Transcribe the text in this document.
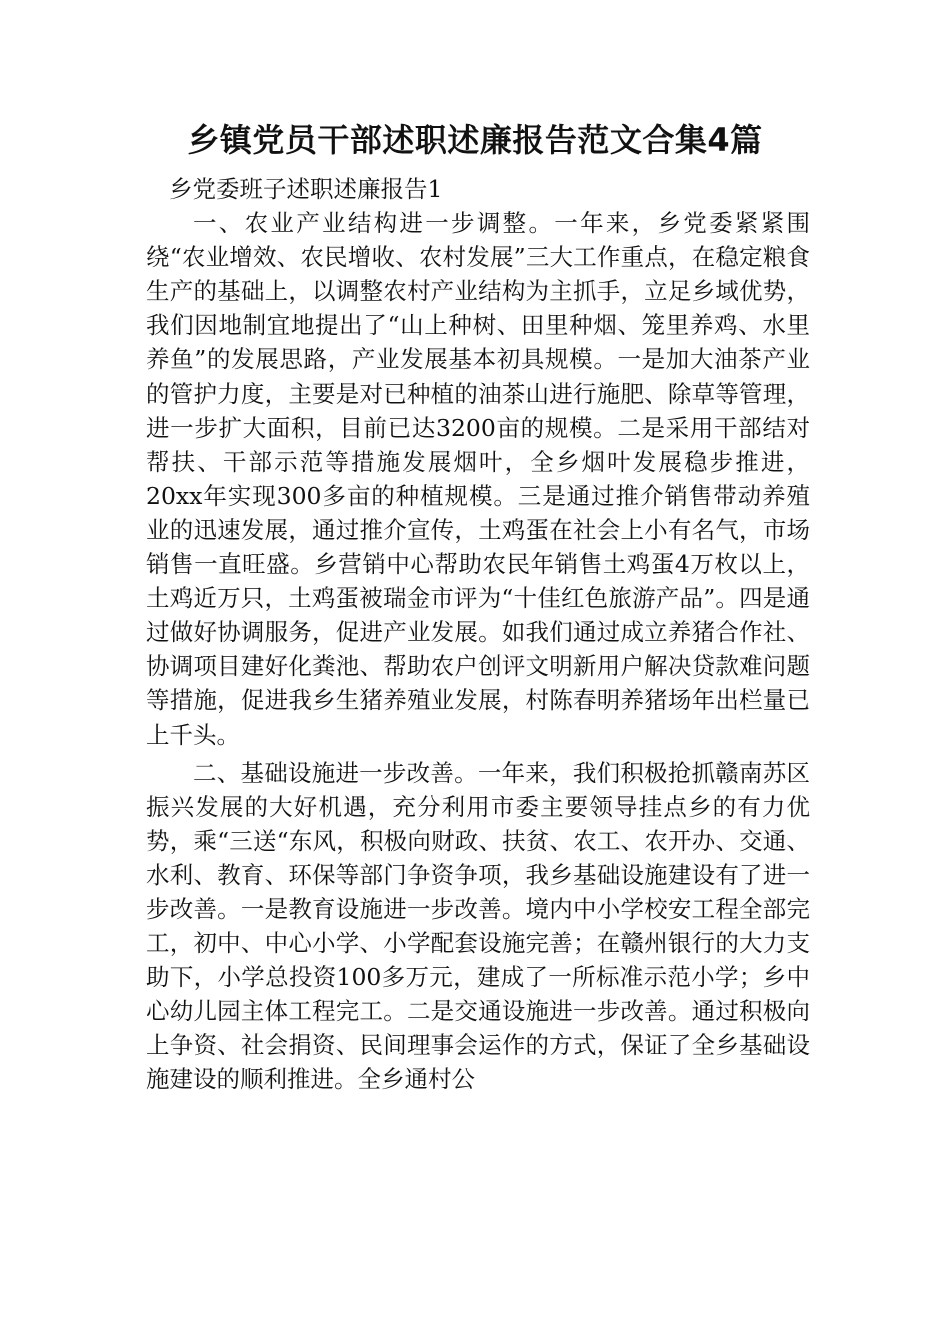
乡镇党员干部述职述廉报告范文合集4篇

乡党委班子述职述廉报告1

一、农业产业结构进一步调整。一年来，乡党委紧紧围绕“农业增效、农民增收、农村发展”三大工作重点，在稳定粮食生产的基础上，以调整农村产业结构为主抓手，立足乡域优势，我们因地制宜地提出了“山上种树、田里种烟、笼里养鸡、水里养鱼”的发展思路，产业发展基本初具规模。一是加大油茶产业的管护力度，主要是对已种植的油茶山进行施肥、除草等管理，进一步扩大面积，目前已达3200亩的规模。二是采用干部结对帮扶、干部示范等措施发展烟叶，全乡烟叶发展稳步推进，20xx年实现300多亩的种植规模。三是通过推介销售带动养殖业的迅速发展，通过推介宣传，土鸡蛋在社会上小有名气，市场销售一直旺盛。乡营销中心帮助农民年销售土鸡蛋4万枚以上，土鸡近万只，土鸡蛋被瑞金市评为“十佳红色旅游产品”。四是通过做好协调服务，促进产业发展。如我们通过成立养猪合作社、协调项目建好化粪池、帮助农户创评文明新用户解决贷款难问题等措施，促进我乡生猪养殖业发展，村陈春明养猪场年出栏量已上千头。

二、基础设施进一步改善。一年来，我们积极抢抓赣南苏区振兴发展的大好机遇，充分利用市委主要领导挂点乡的有力优势，乘“三送“东风，积极向财政、扶贫、农工、农开办、交通、水利、教育、环保等部门争资争项，我乡基础设施建设有了进一步改善。一是教育设施进一步改善。境内中小学校安工程全部完工，初中、中心小学、小学配套设施完善；在赣州银行的大力支助下，小学总投资100多万元，建成了一所标准示范小学；乡中心幼儿园主体工程完工。二是交通设施进一步改善。通过积极向上争资、社会捐资、民间理事会运作的方式，保证了全乡基础设施建设的顺利推进。全乡通村公
